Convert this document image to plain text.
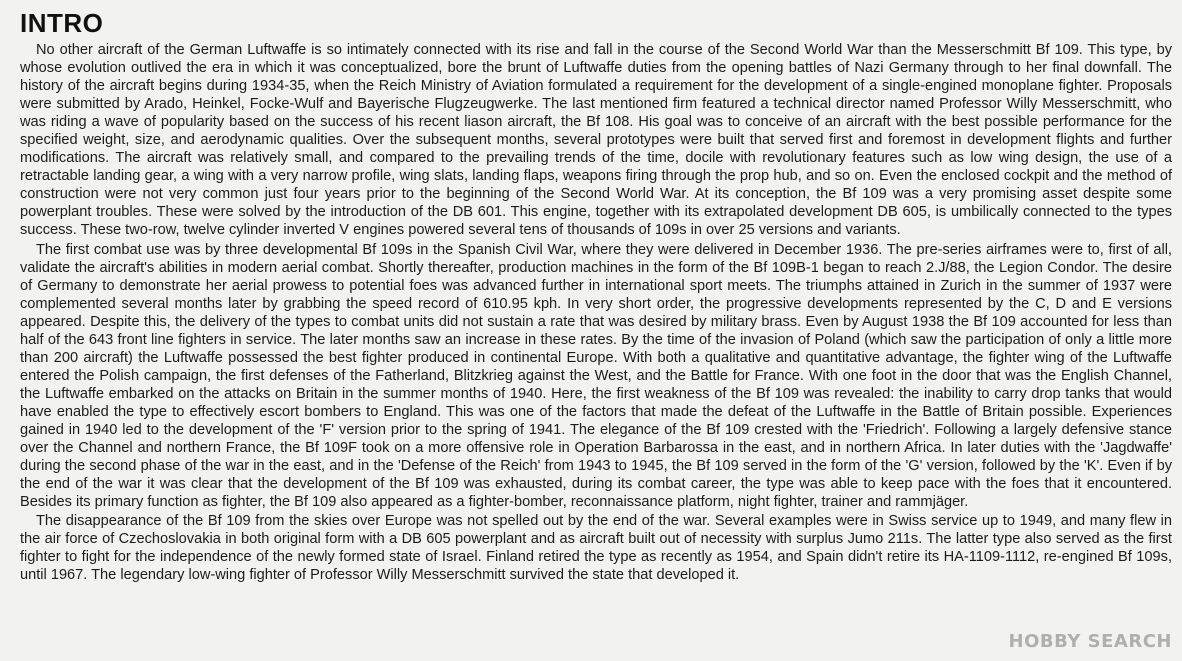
INTRO

No other aircraft of the German Luftwaffe is so intimately connected with its rise and fall in the course of the Second World War than the Messerschmitt Bf 109. This type, by whose evolution outlived the era in which it was conceptualized, bore the brunt of Luftwaffe duties from the opening battles of Nazi Germany through to her final downfall. The history of the aircraft begins during 1934-35, when the Reich Ministry of Aviation formulated a requirement for the development of a single-engined monoplane fighter. Proposals were submitted by Arado, Heinkel, Focke-Wulf and Bayerische Flugzeugwerke. The last mentioned firm featured a technical director named Professor Willy Messerschmitt, who was riding a wave of popularity based on the success of his recent liason aircraft, the Bf 108. His goal was to conceive of an aircraft with the best possible performance for the specified weight, size, and aerodynamic qualities. Over the subsequent months, several prototypes were built that served first and foremost in development flights and further modifications. The aircraft was relatively small, and compared to the prevailing trends of the time, docile with revolutionary features such as low wing design, the use of a retractable landing gear, a wing with a very narrow profile, wing slats, landing flaps, weapons firing through the prop hub, and so on. Even the enclosed cockpit and the method of construction were not very common just four years prior to the beginning of the Second World War. At its conception, the Bf 109 was a very promising asset despite some powerplant troubles. These were solved by the introduction of the DB 601. This engine, together with its extrapolated development DB 605, is umbilically connected to the types success. These two-row, twelve cylinder inverted V engines powered several tens of thousands of 109s in over 25 versions and variants.

The first combat use was by three developmental Bf 109s in the Spanish Civil War, where they were delivered in December 1936. The pre-series airframes were to, first of all, validate the aircraft's abilities in modern aerial combat. Shortly thereafter, production machines in the form of the Bf 109B-1 began to reach 2.J/88, the Legion Condor. The desire of Germany to demonstrate her aerial prowess to potential foes was advanced further in international sport meets. The triumphs attained in Zurich in the summer of 1937 were complemented several months later by grabbing the speed record of 610.95 kph. In very short order, the progressive developments represented by the C, D and E versions appeared. Despite this, the delivery of the types to combat units did not sustain a rate that was desired by military brass. Even by August 1938 the Bf 109 accounted for less than half of the 643 front line fighters in service. The later months saw an increase in these rates. By the time of the invasion of Poland (which saw the participation of only a little more than 200 aircraft) the Luftwaffe possessed the best fighter produced in continental Europe. With both a qualitative and quantitative advantage, the fighter wing of the Luftwaffe entered the Polish campaign, the first defenses of the Fatherland, Blitzkrieg against the West, and the Battle for France. With one foot in the door that was the English Channel, the Luftwaffe embarked on the attacks on Britain in the summer months of 1940. Here, the first weakness of the Bf 109 was revealed: the inability to carry drop tanks that would have enabled the type to effectively escort bombers to England. This was one of the factors that made the defeat of the Luftwaffe in the Battle of Britain possible. Experiences gained in 1940 led to the development of the 'F' version prior to the spring of 1941. The elegance of the Bf 109 crested with the 'Friedrich'. Following a largely defensive stance over the Channel and northern France, the Bf 109F took on a more offensive role in Operation Barbarossa in the east, and in northern Africa. In later duties with the 'Jagdwaffe' during the second phase of the war in the east, and in the 'Defense of the Reich' from 1943 to 1945, the Bf 109 served in the form of the 'G' version, followed by the 'K'. Even if by the end of the war it was clear that the development of the Bf 109 was exhausted, during its combat career, the type was able to keep pace with the foes that it encountered. Besides its primary function as fighter, the Bf 109 also appeared as a fighter-bomber, reconnaissance platform, night fighter, trainer and rammjäger.

The disappearance of the Bf 109 from the skies over Europe was not spelled out by the end of the war. Several examples were in Swiss service up to 1949, and many flew in the air force of Czechoslovakia in both original form with a DB 605 powerplant and as aircraft built out of necessity with surplus Jumo 211s. The latter type also served as the first fighter to fight for the independence of the newly formed state of Israel. Finland retired the type as recently as 1954, and Spain didn't retire its HA-1109-1112, re-engined Bf 109s, until 1967. The legendary low-wing fighter of Professor Willy Messerschmitt survived the state that developed it.

HOBBY SEARCH
